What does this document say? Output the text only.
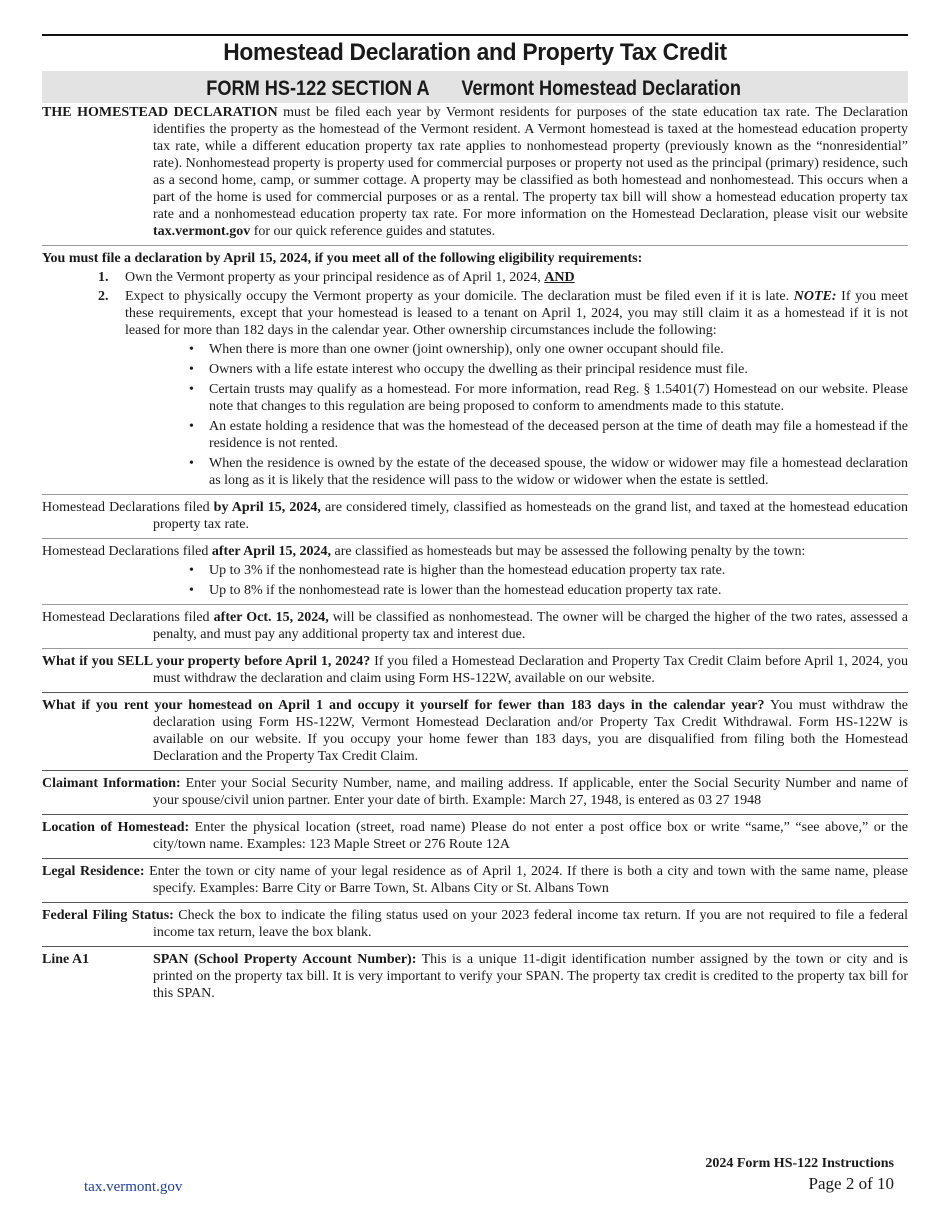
Homestead Declaration and Property Tax Credit
FORM HS-122 SECTION A Vermont Homestead Declaration

THE HOMESTEAD DECLARATION must be filed each year by Vermont residents for purposes of the state education tax rate. The Declaration identifies the property as the homestead of the Vermont resident. A Vermont homestead is taxed at the homestead education property tax rate, while a different education property tax rate applies to nonhomestead property (previously known as the “nonresidential” rate). Nonhomestead property is property used for commercial purposes or property not used as the principal (primary) residence, such as a second home, camp, or summer cottage. A property may be classified as both homestead and nonhomestead. This occurs when a part of the home is used for commercial purposes or as a rental. The property tax bill will show a homestead education property tax rate and a nonhomestead education property tax rate. For more information on the Homestead Declaration, please visit our website tax.vermont.gov for our quick reference guides and statutes.

You must file a declaration by April 15, 2024, if you meet all of the following eligibility requirements:

1. Own the Vermont property as your principal residence as of April 1, 2024, AND
2. Expect to physically occupy the Vermont property as your domicile. The declaration must be filed even if it is late. NOTE: If you meet these requirements, except that your homestead is leased to a tenant on April 1, 2024, you may still claim it as a homestead if it is not leased for more than 182 days in the calendar year. Other ownership circumstances include the following:
• When there is more than one owner (joint ownership), only one owner occupant should file.
• Owners with a life estate interest who occupy the dwelling as their principal residence must file.
• Certain trusts may qualify as a homestead. For more information, read Reg. § 1.5401(7) Homestead on our website. Please note that changes to this regulation are being proposed to conform to amendments made to this statute.
• An estate holding a residence that was the homestead of the deceased person at the time of death may file a homestead if the residence is not rented.
• When the residence is owned by the estate of the deceased spouse, the widow or widower may file a homestead declaration as long as it is likely that the residence will pass to the widow or widower when the estate is settled.

Homestead Declarations filed by April 15, 2024, are considered timely, classified as homesteads on the grand list, and taxed at the homestead education property tax rate.

Homestead Declarations filed after April 15, 2024, are classified as homesteads but may be assessed the following penalty by the town:

• Up to 3% if the nonhomestead rate is higher than the homestead education property tax rate.
• Up to 8% if the nonhomestead rate is lower than the homestead education property tax rate.

Homestead Declarations filed after Oct. 15, 2024, will be classified as nonhomestead. The owner will be charged the higher of the two rates, assessed a penalty, and must pay any additional property tax and interest due.

What if you SELL your property before April 1, 2024? If you filed a Homestead Declaration and Property Tax Credit Claim before April 1, 2024, you must withdraw the declaration and claim using Form HS-122W, available on our website.

What if you rent your homestead on April 1 and occupy it yourself for fewer than 183 days in the calendar year? You must withdraw the declaration using Form HS-122W, Vermont Homestead Declaration and/or Property Tax Credit Withdrawal. Form HS-122W is available on our website. If you occupy your home fewer than 183 days, you are disqualified from filing both the Homestead Declaration and the Property Tax Credit Claim.

Claimant Information: Enter your Social Security Number, name, and mailing address. If applicable, enter the Social Security Number and name of your spouse/civil union partner. Enter your date of birth. Example: March 27, 1948, is entered as 03 27 1948

Location of Homestead: Enter the physical location (street, road name) Please do not enter a post office box or write “same,” “see above,” or the city/town name. Examples: 123 Maple Street or 276 Route 12A

Legal Residence: Enter the town or city name of your legal residence as of April 1, 2024. If there is both a city and town with the same name, please specify. Examples: Barre City or Barre Town, St. Albans City or St. Albans Town

Federal Filing Status: Check the box to indicate the filing status used on your 2023 federal income tax return. If you are not required to file a federal income tax return, leave the box blank.

Line A1	SPAN (School Property Account Number): This is a unique 11-digit identification number assigned by the town or city and is printed on the property tax bill. It is very important to verify your SPAN. The property tax credit is credited to the property tax bill for this SPAN.
2024 Form HS-122 Instructions
Page 2 of 10
tax.vermont.gov
